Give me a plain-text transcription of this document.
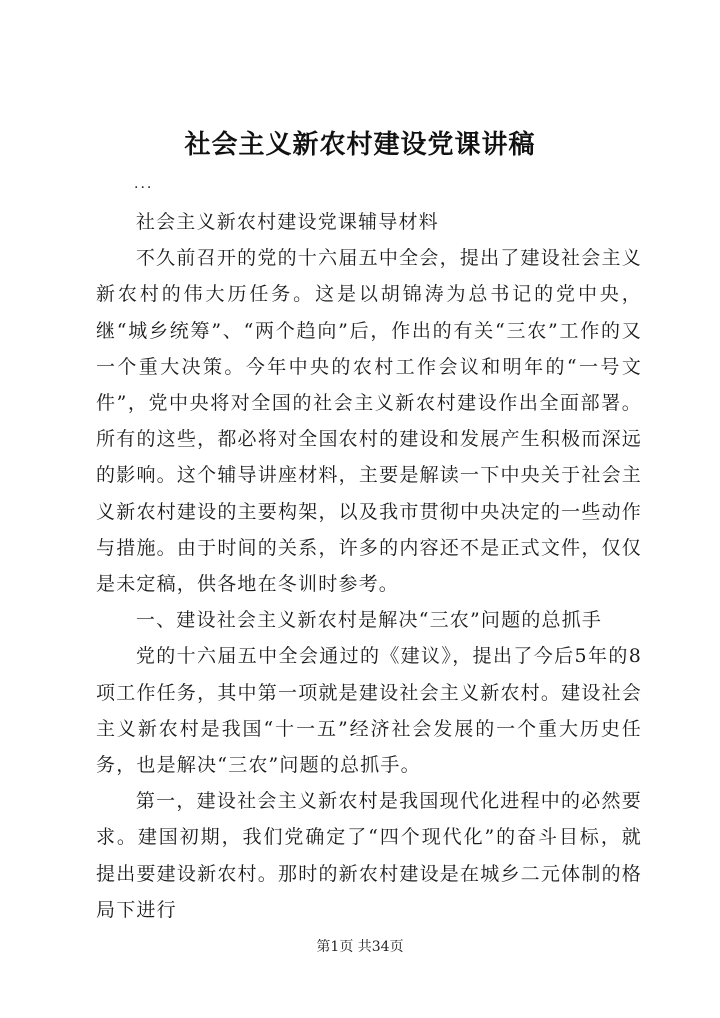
社会主义新农村建设党课讲稿
...

社会主义新农村建设党课辅导材料

不久前召开的党的十六届五中全会，提出了建设社会主义新农村的伟大历任务。这是以胡锦涛为总书记的党中央，继“城乡统筹”、“两个趋向”后，作出的有关“三农”工作的又一个重大决策。今年中央的农村工作会议和明年的“一号文件”，党中央将对全国的社会主义新农村建设作出全面部署。所有的这些，都必将对全国农村的建设和发展产生积极而深远的影响。这个辅导讲座材料，主要是解读一下中央关于社会主义新农村建设的主要构架，以及我市贯彻中央决定的一些动作与措施。由于时间的关系，许多的内容还不是正式文件，仅仅是未定稿，供各地在冬训时参考。

一、建设社会主义新农村是解决“三农”问题的总抓手

党的十六届五中全会通过的《建议》，提出了今后5年的8项工作任务，其中第一项就是建设社会主义新农村。建设社会主义新农村是我国“十一五”经济社会发展的一个重大历史任务，也是解决“三农”问题的总抓手。

第一，建设社会主义新农村是我国现代化进程中的必然要求。建国初期，我们党确定了“四个现代化”的奋斗目标，就提出要建设新农村。那时的新农村建设是在城乡二元体制的格局下进行

第1页 共34页
